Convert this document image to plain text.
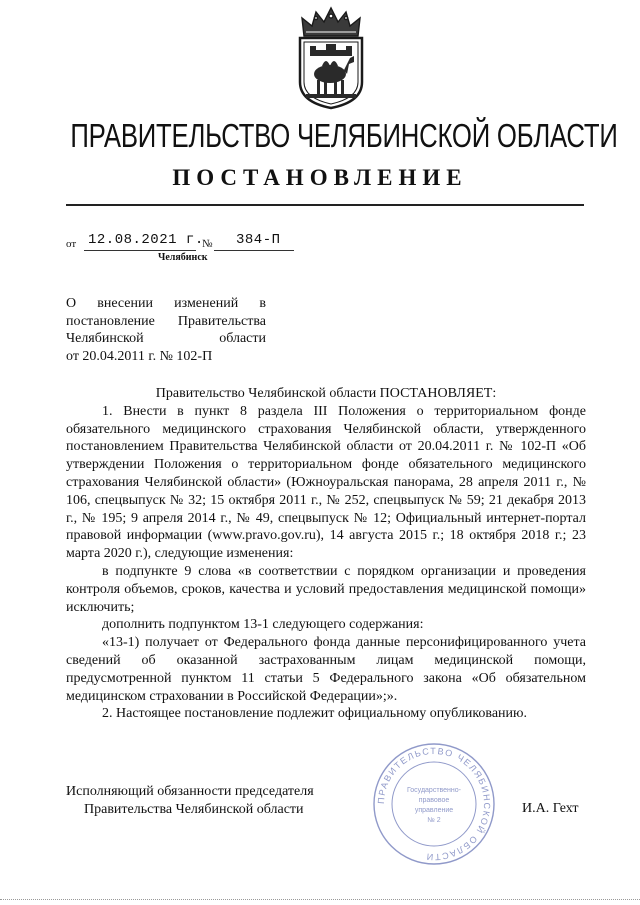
ПРАВИТЕЛЬСТВО ЧЕЛЯБИНСКОЙ ОБЛАСТИ
ПОСТАНОВЛЕНИЕ
от 12.08.2021 г.
№ 384-П
Челябинск
О внесении изменений в
постановление Правительства
Челябинской	области
от 20.04.2011 г. № 102-П

Правительство Челябинской области ПОСТАНОВЛЯЕТ:

1. Внести в пункт 8 раздела III Положения о территориальном фонде обязательного медицинского страхования Челябинской области, утвержденного постановлением Правительства Челябинской области от 20.04.2011 г. № 102-П «Об утверждении Положения о территориальном фонде обязательного медицинского страхования Челябинской области» (Южноуральская панорама, 28 апреля 2011 г., № 106, спецвыпуск № 32; 15 октября 2011 г., № 252, спецвыпуск № 59; 21 декабря 2013 г., № 195; 9 апреля 2014 г., № 49, спецвыпуск № 12; Официальный интернет-портал правовой информации (www.pravo.gov.ru), 14 августа 2015 г.; 18 октября 2018 г.; 23 марта 2020 г.), следующие изменения:

в подпункте 9 слова «в соответствии с порядком организации и проведения контроля объемов, сроков, качества и условий предоставления медицинской помощи» исключить;

дополнить подпунктом 13-1 следующего содержания:

«13-1) получает от Федерального фонда данные персонифицированного учета сведений об оказанной застрахованным лицам медицинской помощи, предусмотренной пунктом 11 статьи 5 Федерального закона «Об обязательном медицинском страховании в Российской Федерации»;».

2. Настоящее постановление подлежит официальному опубликованию.

ПРАВИТЕЛЬСТВО ЧЕЛЯБИНСКОЙ ОБЛАСТИ
Государственно-
правовое
управление
№ 2
Исполняющий обязанности председателя
Правительства Челябинской области	И.А. Гехт
